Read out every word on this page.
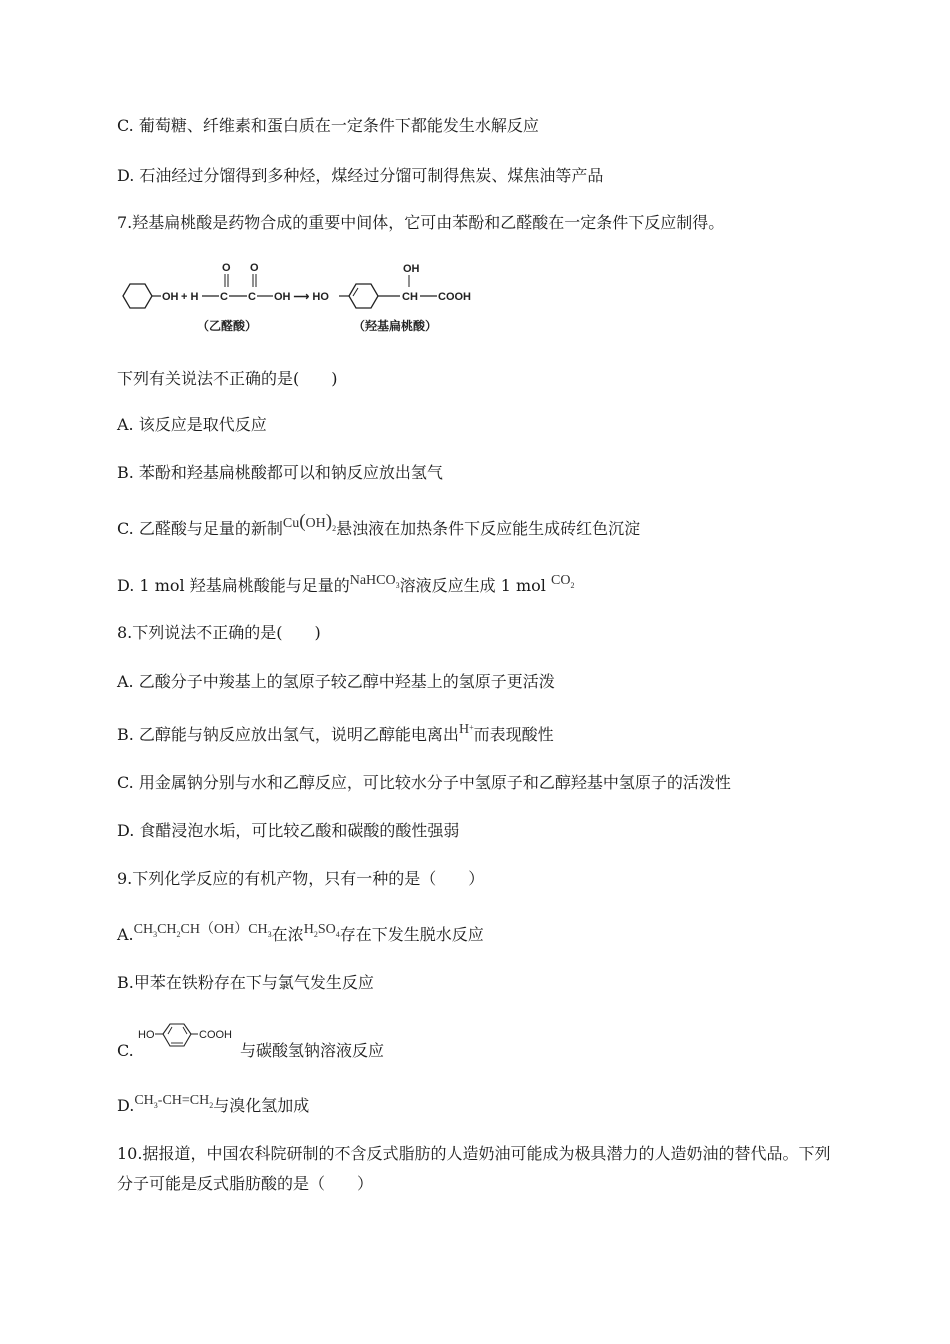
C. 葡萄糖、纤维素和蛋白质在一定条件下都能发生水解反应
D. 石油经过分馏得到多种烃，煤经过分馏可制得焦炭、煤焦油等产品
7.羟基扁桃酸是药物合成的重要中间体，它可由苯酚和乙醛酸在一定条件下反应制得。
OH + H C
O
C
O
OH ⟶ HO	CH
OH
COOH
（乙醛酸）	（羟基扁桃酸）
下列有关说法不正确的是(　　)
A. 该反应是取代反应
B. 苯酚和羟基扁桃酸都可以和钠反应放出氢气
C. 乙醛酸与足量的新制$Cu(OH)_2$悬浊液在加热条件下反应能生成砖红色沉淀
D. 1 mol 羟基扁桃酸能与足量的NaHCO$_3$溶液反应生成 1 mol $CO_2$
8.下列说法不正确的是(　　)
A. 乙酸分子中羧基上的氢原子较乙醇中羟基上的氢原子更活泼
B. 乙醇能与钠反应放出氢气，说明乙醇能电离出H+而表现酸性
C. 用金属钠分别与水和乙醇反应，可比较水分子中氢原子和乙醇羟基中氢原子的活泼性
D. 食醋浸泡水垢，可比较乙酸和碳酸的酸性强弱
9.下列化学反应的有机产物，只有一种的是（　　）
$A.CH_3CH_2CH(OH)CH_3$在浓$H_2SO_4$存在下发生脱水反应
B.甲苯在铁粉存在下与氯气发生反应
C.
HO	COOH
与碳酸氢钠溶液反应
$D.CH_3-CH=CH_2$与溴化氢加成
10.据报道，中国农科院研制的不含反式脂肪的人造奶油可能成为极具潜力的人造奶油的替代品。下列分子可能是反式脂肪酸的是（　　）
